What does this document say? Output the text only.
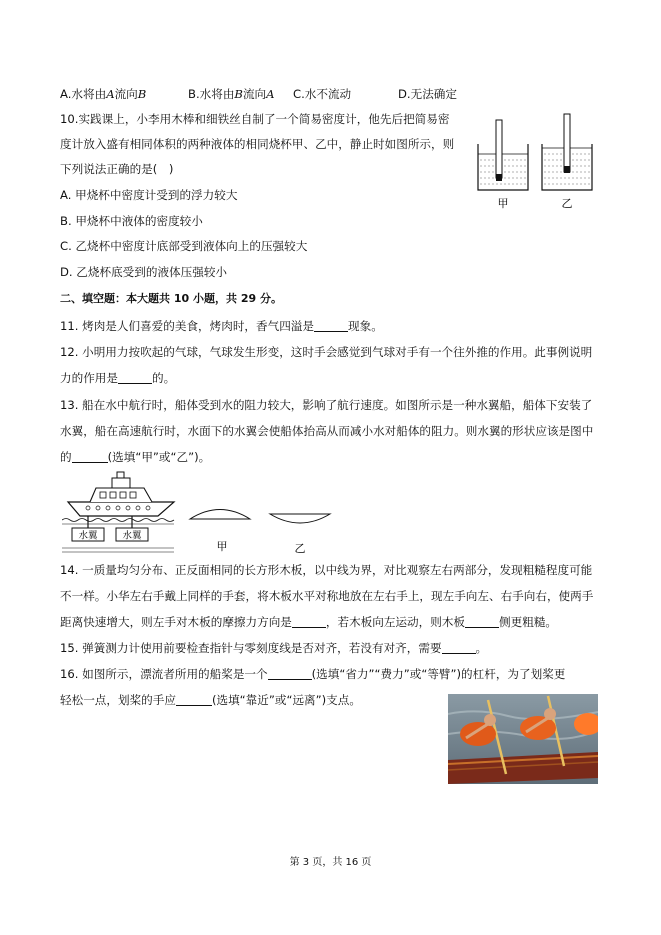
A.水将由A流向B	B.水将由B流向A C.水不流动	D.无法确定
10.实践课上，小李用木棒和细铁丝自制了一个简易密度计，他先后把简易密
度计放入盛有相同体积的两种液体的相同烧杯甲、乙中，静止时如图所示，则
下列说法正确的是(　)
A. 甲烧杯中密度计受到的浮力较大
B. 甲烧杯中液体的密度较小
C. 乙烧杯中密度计底部受到液体向上的压强较大
D. 乙烧杯底受到的液体压强较小
甲	乙
二、填空题：本大题共 10 小题，共 29 分。
11. 烤肉是人们喜爱的美食，烤肉时，香气四溢是	现象。
12. 小明用力按吹起的气球，气球发生形变，这时手会感觉到气球对手有一个往外推的作用。此事例说明
力的作用是	的。
13. 船在水中航行时，船体受到水的阻力较大，影响了航行速度。如图所示是一种水翼船，船体下安装了
水翼，船在高速航行时，水面下的水翼会使船体抬高从而减小水对船体的阻力。则水翼的形状应该是图中
的	(选填“甲”或“乙”)。
水翼	水翼
甲	乙
14. 一质量均匀分布、正反面相同的长方形木板，以中线为界，对比观察左右两部分，发现粗糙程度可能
不一样。小华左右手戴上同样的手套，将木板水平对称地放在左右手上，现左手向左、右手向右，使两手
距离快速增大，则左手对木板的摩擦力方向是	，若木板向左运动，则木板	侧更粗糙。
15. 弹簧测力计使用前要检查指针与零刻度线是否对齐，若没有对齐，需要	。
16. 如图所示，漂流者所用的船桨是一个	(选填“省力”“费力”或“等臂”)的杠杆，为了划桨更
轻松一点，划桨的手应	(选填“靠近”或“远离”)支点。
第 3 页，共 16 页
